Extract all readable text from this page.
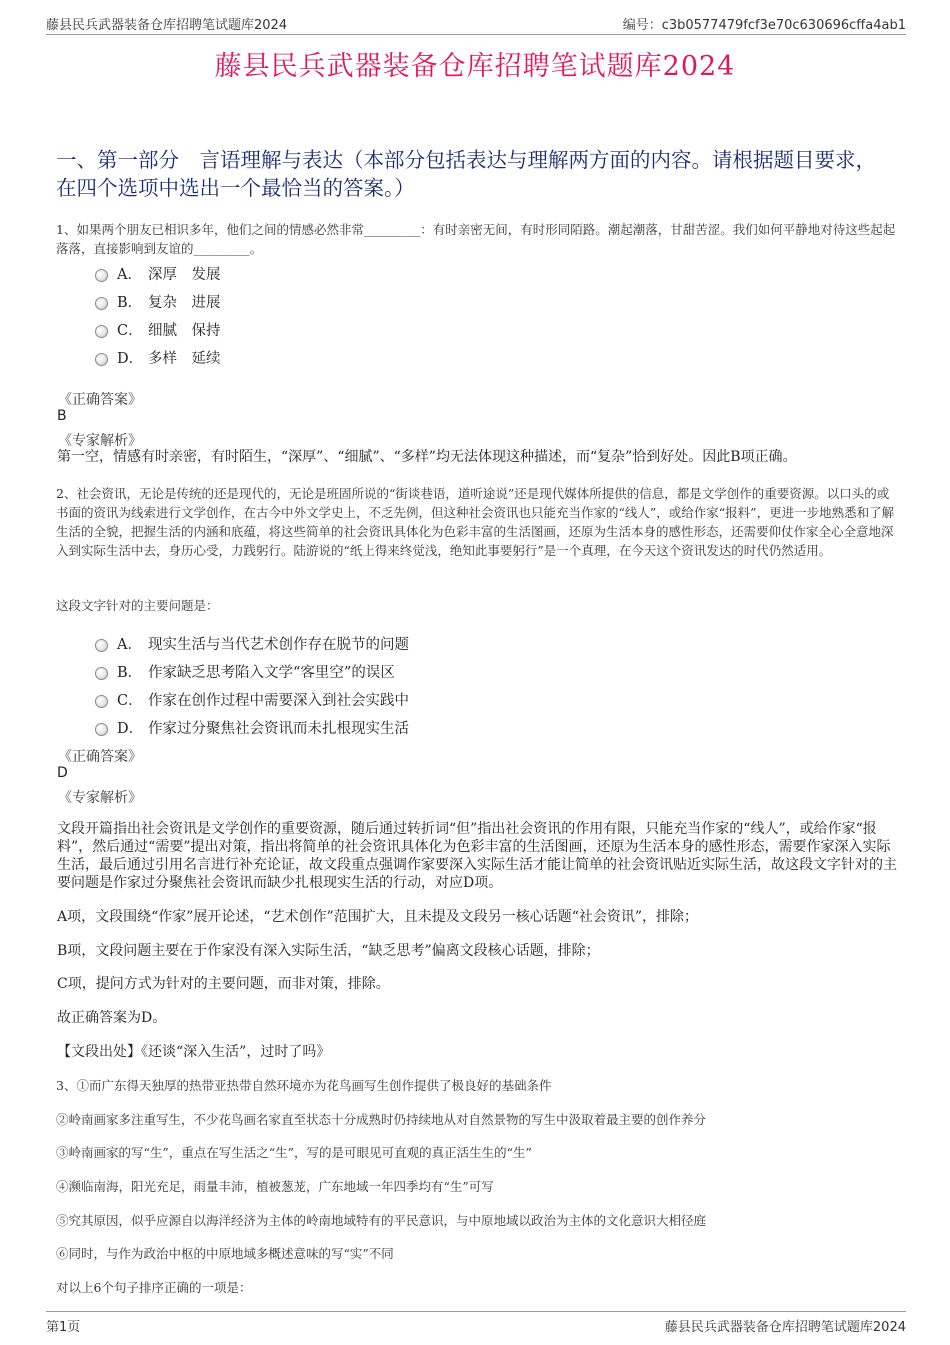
藤县民兵武器装备仓库招聘笔试题库2024	编号：c3b0577479fcf3e70c630696cffa4ab1
藤县民兵武器装备仓库招聘笔试题库2024
一、第一部分　言语理解与表达（本部分包括表达与理解两方面的内容。请根据题目要求，在四个选项中选出一个最恰当的答案。）
1、如果两个朋友已相识多年，他们之间的情感必然非常_________：有时亲密无间，有时形同陌路。潮起潮落，甘甜苦涩。我们如何平静地对待这些起起落落，直接影响到友谊的_________。
A． 深厚　发展
B． 复杂　进展
C． 细腻　保持
D． 多样　延续
《正确答案》
B
《专家解析》
第一空，情感有时亲密，有时陌生，“深厚”、“细腻”、“多样”均无法体现这种描述，而“复杂”恰到好处。因此B项正确。
2、社会资讯，无论是传统的还是现代的，无论是班固所说的“街谈巷语，道听途说”还是现代媒体所提供的信息，都是文学创作的重要资源。以口头的或书面的资讯为线索进行文学创作，在古今中外文学史上，不乏先例，但这种社会资讯也只能充当作家的“线人”，或给作家“报料”，更进一步地熟悉和了解生活的全貌，把握生活的内涵和底蕴，将这些简单的社会资讯具体化为色彩丰富的生活图画，还原为生活本身的感性形态，还需要仰仗作家全心全意地深入到实际生活中去，身历心受，力践躬行。陆游说的“纸上得来终觉浅，绝知此事要躬行”是一个真理，在今天这个资讯发达的时代仍然适用。
这段文字针对的主要问题是：
A． 现实生活与当代艺术创作存在脱节的问题
B． 作家缺乏思考陷入文学“客里空”的误区
C． 作家在创作过程中需要深入到社会实践中
D． 作家过分聚焦社会资讯而未扎根现实生活
《正确答案》
D
《专家解析》
文段开篇指出社会资讯是文学创作的重要资源，随后通过转折词“但”指出社会资讯的作用有限，只能充当作家的“线人”，或给作家“报料”，然后通过“需要”提出对策，指出将简单的社会资讯具体化为色彩丰富的生活图画，还原为生活本身的感性形态，需要作家深入实际生活，最后通过引用名言进行补充论证，故文段重点强调作家要深入实际生活才能让简单的社会资讯贴近实际生活，故这段文字针对的主要问题是作家过分聚焦社会资讯而缺少扎根现实生活的行动，对应D项。
A项，文段围绕“作家”展开论述，“艺术创作”范围扩大，且未提及文段另一核心话题“社会资讯”，排除；
B项，文段问题主要在于作家没有深入实际生活，“缺乏思考”偏离文段核心话题，排除；
C项，提问方式为针对的主要问题，而非对策，排除。
故正确答案为D。
【文段出处】《还谈“深入生活”，过时了吗》
3、①而广东得天独厚的热带亚热带自然环境亦为花鸟画写生创作提供了极良好的基础条件
②岭南画家多注重写生，不少花鸟画名家直至状态十分成熟时仍持续地从对自然景物的写生中汲取着最主要的创作养分
③岭南画家的写“生”，重点在写生活之“生”，写的是可眼见可直观的真正活生生的“生”
④濒临南海，阳光充足，雨量丰沛，植被葱茏，广东地域一年四季均有“生”可写
⑤究其原因，似乎应源自以海洋经济为主体的岭南地域特有的平民意识，与中原地域以政治为主体的文化意识大相径庭
⑥同时，与作为政治中枢的中原地域多概述意味的写“实”不同
对以上6个句子排序正确的一项是：
第1页	藤县民兵武器装备仓库招聘笔试题库2024
